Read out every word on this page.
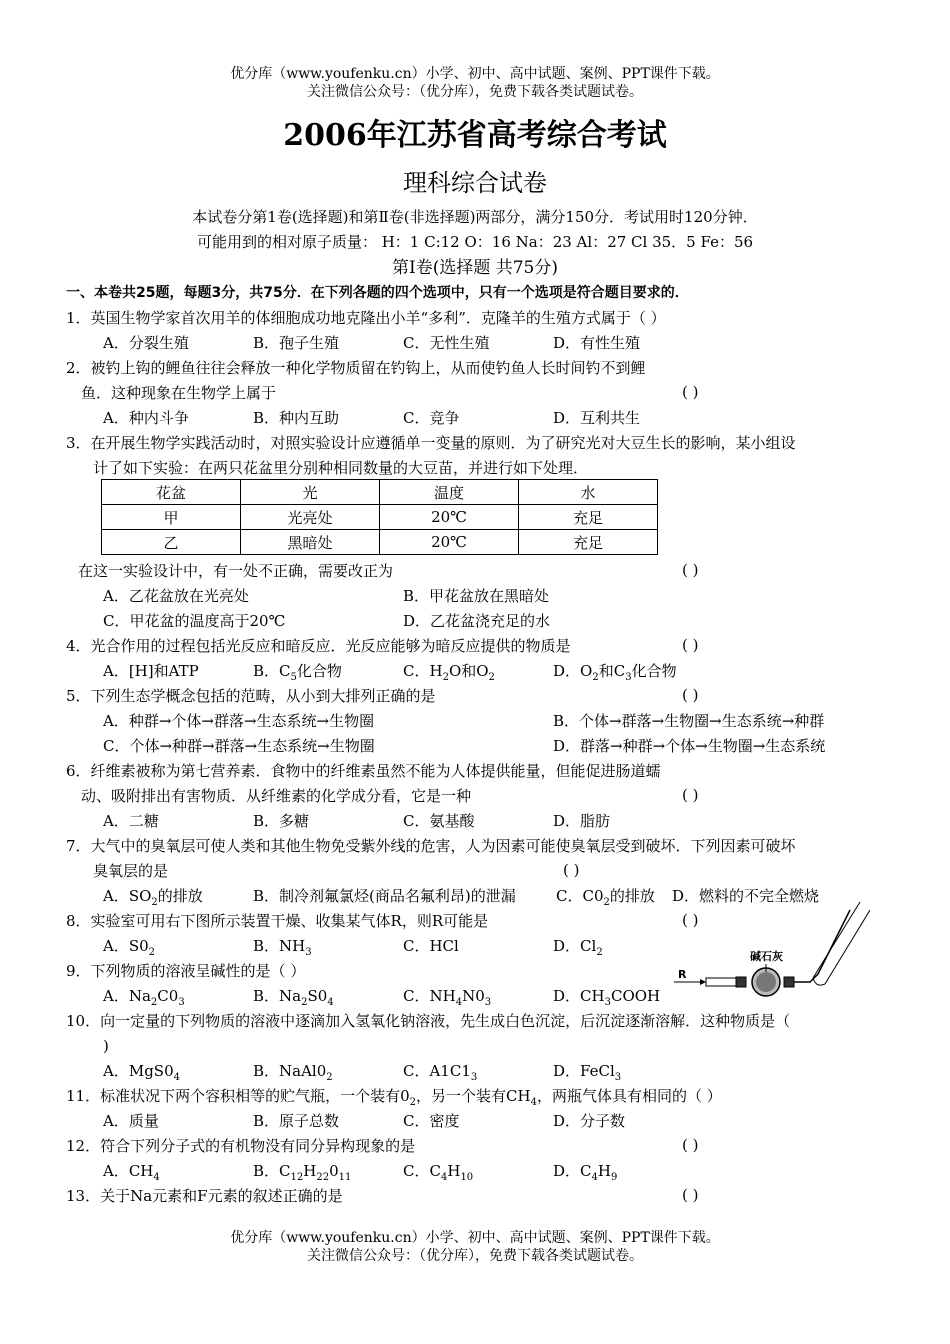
优分库（www.youfenku.cn）小学、初中、高中试题、案例、PPT课件下载。
关注微信公众号：（优分库），免费下载各类试题试卷。
2006年江苏省高考综合考试
理科综合试卷
本试卷分第1卷(选择题)和第Ⅱ卷(非选择题)两部分，满分150分．考试用时120分钟．
可能用到的相对原子质量： H：1 C:12 O：16 Na：23 Al：27 Cl 35．5 Fe：56
第Ⅰ卷(选择题 共75分)
一、本卷共25题，每题3分，共75分．在下列各题的四个选项中，只有一个选项是符合题目要求的．
1．英国生物学家首次用羊的体细胞成功地克隆出小羊“多利”．克隆羊的生殖方式属于（ ）
A．分裂生殖	B．孢子生殖	C．无性生殖	D．有性生殖
2．被钓上钩的鲤鱼往往会释放一种化学物质留在钓钩上，从而使钓鱼人长时间钓不到鲤
鱼．这种现象在生物学上属于	( )
A．种内斗争	B．种内互助	C．竞争	D．互利共生
3．在开展生物学实践活动时，对照实验设计应遵循单一变量的原则．为了研究光对大豆生长的影响，某小组设
计了如下实验：在两只花盆里分别种相同数量的大豆苗，并进行如下处理．
花盆	光	温度	水
甲	光亮处	20℃	充足
乙	黑暗处	20℃	充足
在这一实验设计中，有一处不正确，需要改正为	( )
A．乙花盆放在光亮处	B．甲花盆放在黑暗处
C．甲花盆的温度高于20℃	D．乙花盆浇充足的水
4．光合作用的过程包括光反应和暗反应．光反应能够为暗反应提供的物质是	( )
A．[H]和ATP	B．$C_5$化合物	C．$H_2O$和$O_2$	D．$O_2$和$C_3$化合物
5．下列生态学概念包括的范畴，从小到大排列正确的是	( )
A．种群→个体→群落→生态系统→生物圈	B．个体→群落→生物圈→生态系统→种群
C．个体→种群→群落→生态系统→生物圈	D．群落→种群→个体→生物圈→生态系统
6．纤维素被称为第七营养素．食物中的纤维素虽然不能为人体提供能量，但能促进肠道蠕
动、吸附排出有害物质．从纤维素的化学成分看，它是一种	( )
A．二糖	B．多糖	C．氨基酸	D．脂肪
7．大气中的臭氧层可使人类和其他生物免受紫外线的危害，人为因素可能使臭氧层受到破坏．下列因素可破坏
臭氧层的是	( )
A．$SO_2$的排放	B．制冷剂氟氯烃(商品名氟利昂)的泄漏	C．$C0_2$的排放 D．燃料的不完全燃烧
8．实验室可用右下图所示装置干燥、收集某气体R，则R可能是	( )
A．$S0_2$	B．$NH_3$	C．HCl	D．$Cl_2$
R
碱石灰
9．下列物质的溶液呈碱性的是（ ）
A．$Na_2C0_3$	B．$Na_2S0_4$	C．$NH_4N0_3$	D．$CH_3COOH$
10．向一定量的下列物质的溶液中逐滴加入氢氧化钠溶液，先生成白色沉淀，后沉淀逐渐溶解．这种物质是（
)
A．$MgS0_4$	B．$NaAl0_2$	C．$A1C1_3$	D．FeCl$_3$
11．标准状况下两个容积相等的贮气瓶，一个装有$0_2$，另一个装有$CH_4$，两瓶气体具有相同的（ ）
A．质量	B．原子总数	C．密度	D．分子数
12．符合下列分子式的有机物没有同分异构现象的是	( )
A．$CH_4$	B．$C_{12}H_{22}0_{11}$	C．$C_4H_{10}$	D．$C_4H_9$
13．关于Na元素和F元素的叙述正确的是	( )
优分库（www.youfenku.cn）小学、初中、高中试题、案例、PPT课件下载。
关注微信公众号：（优分库），免费下载各类试题试卷。
